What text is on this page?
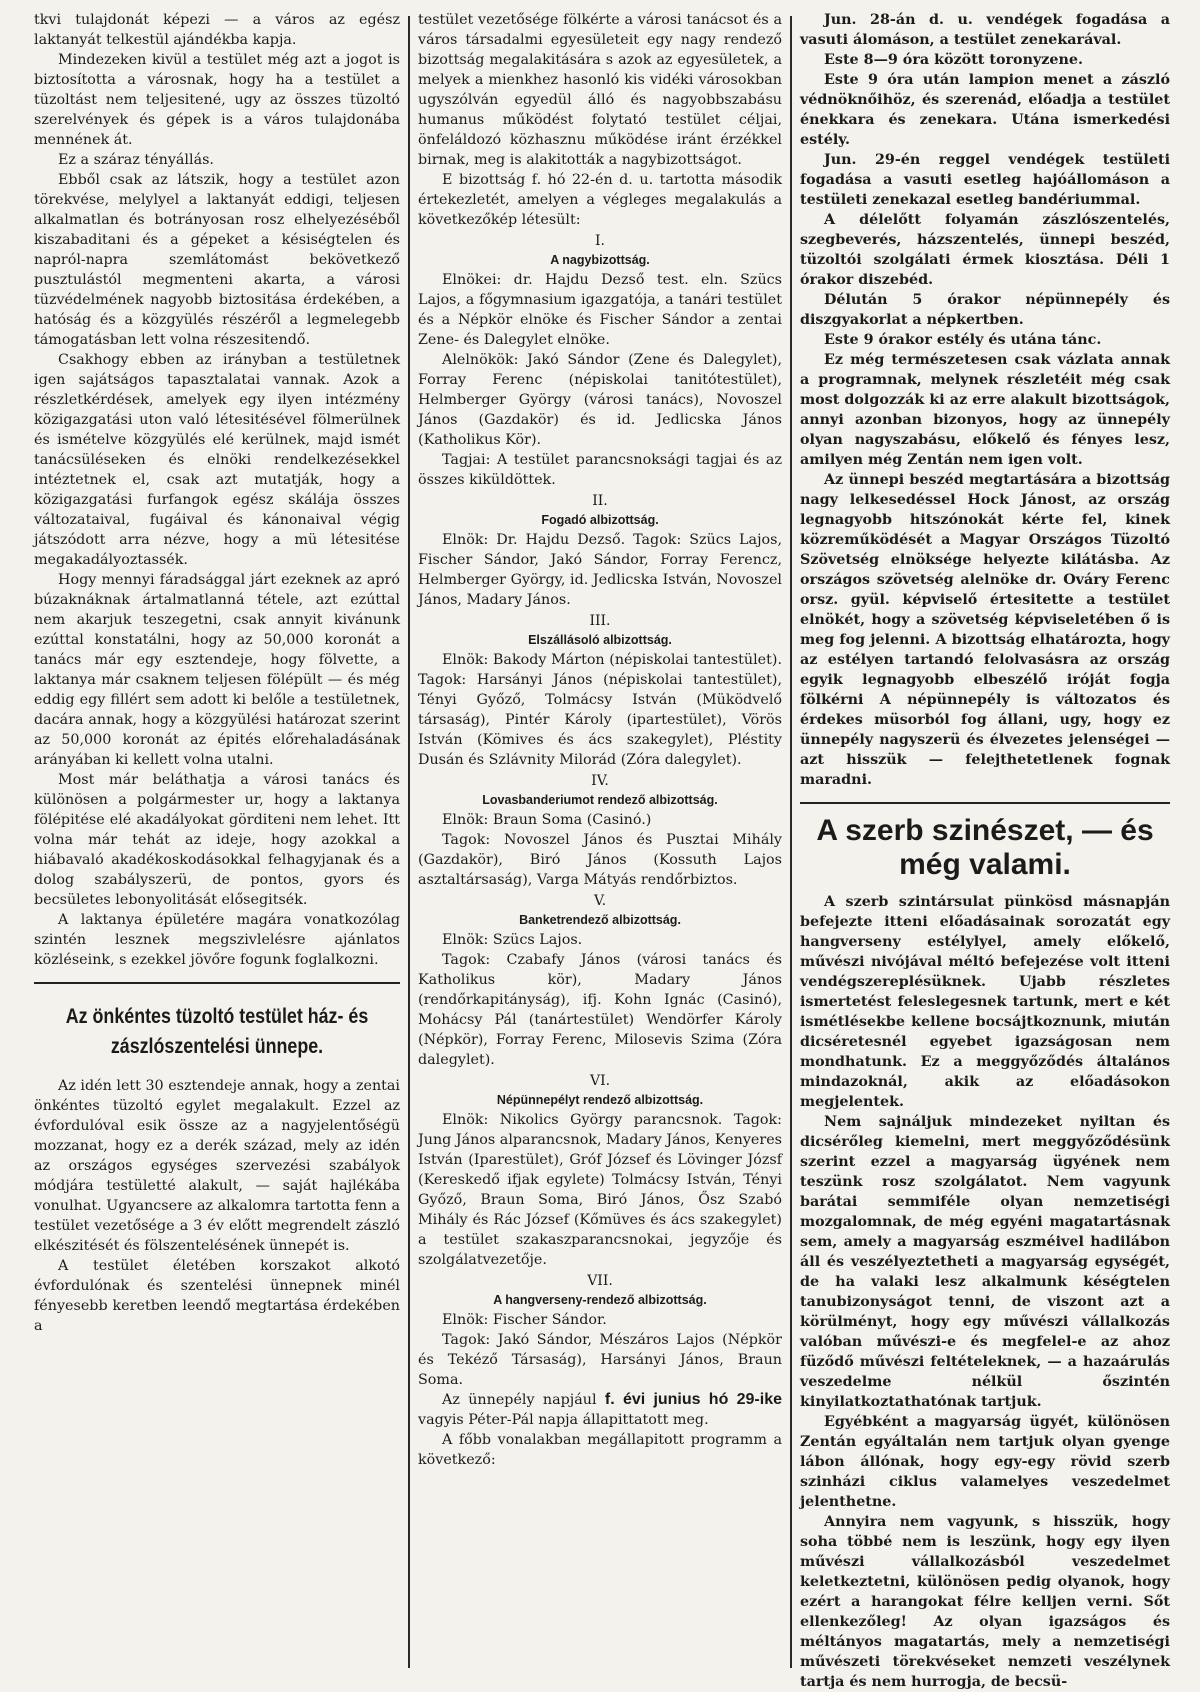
tkvi tulajdonát képezi — a város az egész laktanyát telkestül ajándékba kapja.

Mindezeken kivül a testület még azt a jogot is biztosította a városnak, hogy ha a testület a tüzoltást nem teljesitené, ugy az összes tüzoltó szerelvények és gépek is a város tulajdonába mennének át.

Ez a száraz tényállás.

Ebből csak az látszik, hogy a testület azon törekvése, melylyel a laktanyát eddigi, teljesen alkalmatlan és botrányosan rosz elhelyezéséből kiszabaditani és a gépeket a késiségtelen és napról-napra szemlátomást bekövetkező pusztulástól megmenteni akarta, a városi tüzvédelmének nagyobb biztositása érdekében, a hatóság és a közgyülés részéről a legmelegebb támogatásban lett volna részesitendő.

Csakhogy ebben az irányban a testületnek igen sajátságos tapasztalatai vannak. Azok a részletkérdések, amelyek egy ilyen intézmény közigazgatási uton való létesitésével fölmerülnek és ismételve közgyülés elé kerülnek, majd ismét tanácsüléseken és elnöki rendelkezésekkel intéztetnek el, csak azt mutatják, hogy a közigazgatási furfangok egész skálája összes változataival, fugáival és kánonaival végig játszódott arra nézve, hogy a mü létesitése megakadályoztassék.

Hogy mennyi fáradsággal járt ezeknek az apró búzaknáknak ártalmatlanná tétele, azt ezúttal nem akarjuk teszegetni, csak annyit kivánunk ezúttal konstatálni, hogy az 50,000 koronát a tanács már egy esztendeje, hogy fölvette, a laktanya már csaknem teljesen fölépült — és még eddig egy fillért sem adott ki belőle a testületnek, dacára annak, hogy a közgyülési határozat szerint az 50,000 koronát az épités előrehaladásának arányában ki kellett volna utalni.

Most már beláthatja a városi tanács és különösen a polgármester ur, hogy a laktanya fölépitése elé akadályokat görditeni nem lehet. Itt volna már tehát az ideje, hogy azokkal a hiábavaló akadékoskodásokkal felhagyjanak és a dolog szabályszerü, de pontos, gyors és becsületes lebonyolitását elősegitsék.

A laktanya épületére magára vonatkozólag szintén lesznek megszivlelésre ajánlatos közléseink, s ezekkel jövőre fogunk foglalkozni.

Az önkéntes tüzoltó testület ház- és zászlószentelési ünnepe.

Az idén lett 30 esztendeje annak, hogy a zentai önkéntes tüzoltó egylet megalakult. Ezzel az évfordulóval esik össze az a nagyjelentőségü mozzanat, hogy ez a derék század, mely az idén az országos egységes szervezési szabályok módjára testületté alakult, — saját hajlékába vonulhat. Ugyancsere az alkalomra tartotta fenn a testület vezetősége a 3 év előtt megrendelt zászló elkészitését és fölszentelésének ünnepét is.

A testület életében korszakot alkotó évfordulónak és szentelési ünnepnek minél fényesebb keretben leendő megtartása érdekében a

testület vezetősége fölkérte a városi tanácsot és a város társadalmi egyesületeit egy nagy rendező bizottság megalakitására s azok az egyesületek, a melyek a mienkhez hasonló kis vidéki városokban ugyszólván egyedül álló és nagyobbszabásu humanus működést folytató testület céljai, önfeláldozó közhasznu működése iránt érzékkel birnak, meg is alakitották a nagybizottságot.

E bizottság f. hó 22-én d. u. tartotta második értekezletét, amelyen a végleges megalakulás a következőkép létesült:

I.
A nagybizottság.

Elnökei: dr. Hajdu Dezső test. eln. Szücs Lajos, a főgymnasium igazgatója, a tanári testület és a Népkör elnöke és Fischer Sándor a zentai Zene- és Dalegylet elnöke.

Alelnökök: Jakó Sándor (Zene és Dalegylet), Forray Ferenc (népiskolai tanitótestület), Helmberger György (városi tanács), Novoszel János (Gazdakör) és id. Jedlicska János (Katholikus Kör).

Tagjai: A testület parancsnoksági tagjai és az összes kiküldöttek.

II.
Fogadó albizottság.

Elnök: Dr. Hajdu Dezső. Tagok: Szücs Lajos, Fischer Sándor, Jakó Sándor, Forray Ferencz, Helmberger György, id. Jedlicska István, Novoszel János, Madary János.

III.
Elszállásoló albizottság.

Elnök: Bakody Márton (népiskolai tantestület). Tagok: Harsányi János (népiskolai tantestület), Tényi Győző, Tolmácsy István (Müködvelő társaság), Pintér Károly (ipartestület), Vörös István (Kömives és ács szakegylet), Pléstity Dusán és Szlávnity Milorád (Zóra dalegylet).

IV.
Lovasbanderiumot rendező albizottság.

Elnök: Braun Soma (Casinó.)

Tagok: Novoszel János és Pusztai Mihály (Gazdakör), Biró János (Kossuth Lajos asztaltársaság), Varga Mátyás rendőrbiztos.

V.
Banketrendező albizottság.

Elnök: Szücs Lajos.

Tagok: Czabafy János (városi tanács és Katholikus kör), Madary János (rendőrkapitányság), ifj. Kohn Ignác (Casinó), Mohácsy Pál (tanártestület) Wendörfer Károly (Népkör), Forray Ferenc, Milosevis Szima (Zóra dalegylet).

VI.
Népünnepélyt rendező albizottság.

Elnök: Nikolics György parancsnok. Tagok: Jung János alparancsnok, Madary János, Kenyeres István (Iparestület), Gróf József és Lövinger Józsf (Kereskedő ifjak egylete) Tolmácsy István, Tényi Győző, Braun Soma, Biró János, Ősz Szabó Mihály és Rác József (Kőmüves és ács szakegylet) a testület szakaszparancsnokai, jegyzője és szolgálatvezetője.

VII.
A hangverseny-rendező albizottság.

Elnök: Fischer Sándor.

Tagok: Jakó Sándor, Mészáros Lajos (Népkör és Tekéző Társaság), Harsányi János, Braun Soma.

Az ünnepély napjául f. évi junius hó 29-ike vagyis Péter-Pál napja állapittatott meg.

A főbb vonalakban megállapitott programm a következő:

Jun. 28-án d. u. vendégek fogadása a vasuti álomáson, a testület zenekarával.

Este 8—9 óra között toronyzene.

Este 9 óra után lampion menet a zászló védnöknőihöz, és szerenád, előadja a testület énekkara és zenekara. Utána ismerkedési estély.

Jun. 29-én reggel vendégek testületi fogadása a vasuti esetleg hajóállomáson a testületi zenekazal esetleg bandériummal.

A délelőtt folyamán zászlószentelés, szegbeverés, házszentelés, ünnepi beszéd, tüzoltói szolgálati érmek kiosztása. Déli 1 órakor diszebéd.

Délután 5 órakor népünnepély és diszgyakorlat a népkertben.

Este 9 órakor estély és utána tánc.

Ez még természetesen csak vázlata annak a programnak, melynek részletéit még csak most dolgozzák ki az erre alakult bizottságok, annyi azonban bizonyos, hogy az ünnepély olyan nagyszabásu, előkelő és fényes lesz, amilyen még Zentán nem igen volt.

Az ünnepi beszéd megtartására a bizottság nagy lelkesedéssel Hock Jánost, az ország legnagyobb hitszónokát kérte fel, kinek közreműködését a Magyar Országos Tüzoltó Szövetség elnöksége helyezte kilátásba. Az országos szövetség alelnöke dr. Ováry Ferenc orsz. gyül. képviselő értesitette a testület elnökét, hogy a szövetség képviseletében ő is meg fog jelenni. A bizottság elhatározta, hogy az estélyen tartandó felolvasásra az ország egyik legnagyobb elbeszélő iróját fogja fölkérni A népünnepély is változatos és érdekes müsorból fog állani, ugy, hogy ez ünnepély nagyszerü és élvezetes jelenségei — azt hisszük — felejthetetlenek fognak maradni.

A szerb szinészet, — és még valami.

A szerb szintársulat pünkösd másnapján befejezte itteni előadásainak sorozatát egy hangverseny estélylyel, amely előkelő, művészi nivójával méltó befejezése volt itteni vendégszereplésüknek. Ujabb részletes ismertetést feleslegesnek tartunk, mert e két ismétlésekbe kellene bocsájtkoznunk, miután dicséretesnél egyebet igazságosan nem mondhatunk. Ez a meggyőződés általános mindazoknál, akik az előadásokon megjelentek.

Nem sajnáljuk mindezeket nyiltan és dicsérőleg kiemelni, mert meggyőződésünk szerint ezzel a magyarság ügyének nem teszünk rosz szolgálatot. Nem vagyunk barátai semmiféle olyan nemzetiségi mozgalomnak, de még egyéni magatartásnak sem, amely a magyarság eszméivel hadilábon áll és veszélyeztetheti a magyarság egységét, de ha valaki lesz alkalmunk késégtelen tanubizonyságot tenni, de viszont azt a körülményt, hogy egy művészi vállalkozás valóban művészi-e és megfelel-e az ahoz füződő művészi feltételeknek, — a hazaárulás veszedelme nélkül őszintén kinyilatkoztathatónak tartjuk.

Egyébként a magyarság ügyét, különösen Zentán egyáltalán nem tartjuk olyan gyenge lábon állónak, hogy egy-egy rövid szerb szinházi ciklus valamelyes veszedelmet jelenthetne.

Annyira nem vagyunk, s hisszük, hogy soha többé nem is leszünk, hogy egy ilyen művészi vállalkozásból veszedelmet keletkeztetni, különösen pedig olyanok, hogy ezért a harangokat félre kelljen verni. Sőt ellenkezőleg! Az olyan igazságos és méltányos magatartás, mely a nemzetiségi művészeti törekvéseket nemzeti veszélynek tartja és nem hurrogja, de becsü-
